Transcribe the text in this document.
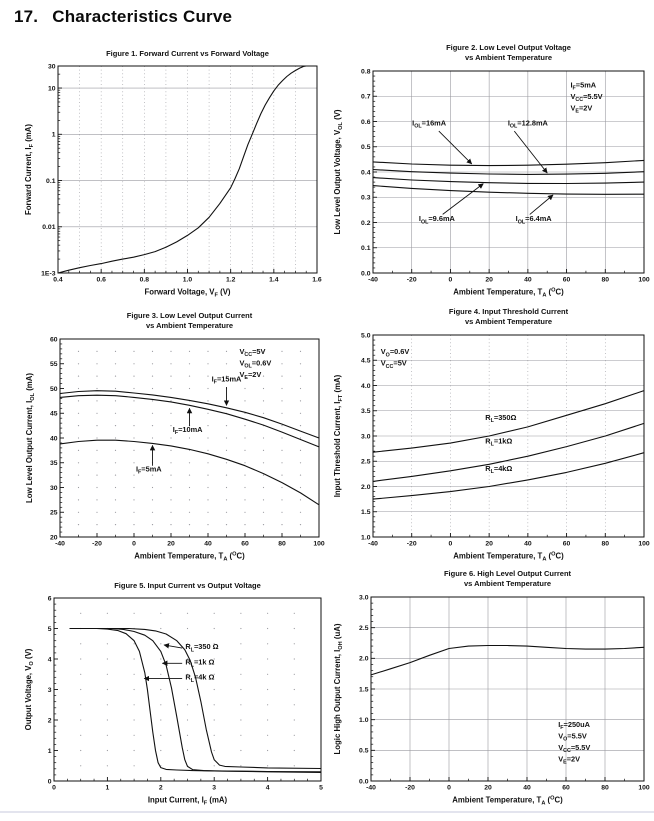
17. Characteristics Curve
0.4	0.6	0.8	1.0	1.2	1.4	1.6
30
10
1
0.1
0.01
1E-3
Figure 1. Forward Current vs Forward Voltage
Forward Voltage, $V_F$ (V)
Forward Current, $I_F$ (mA)
-40	-20	0	20	40	60	80	100
0.0
0.1
0.2
0.3
0.4
0.5
0.6
0.7
0.8
$I_{OL}=16mA$	$I_{OL}=12.8mA$
$I_{OL}=9.6mA$	$I_{OL}=6.4mA$
$I_F=5mA$
$V_{CC}=5.5V$
$V_E=2V$
Figure 2. Low Level Output Voltage
vs Ambient Temperature
Ambient Temperature, $T_A$ ($^O$C)
Low Level Output Voltage, $V_{OL}$ (V)
-40	-20	0	20	40	60	80	100
20
25
30
35
40
45
50
55
60
$I_F=15mA$
$I_F=10mA$
$I_F=5mA$
$V_{CC}=5V$
$V_{OL}=0.6V$
$V_E=2V$
Figure 3. Low Level Output Current
vs Ambient Temperature
Ambient Temperature, $T_A$ ($^O$C)
Low Level Output Current, $I_{OL}$ (mA)
-40	-20	0	20	40	60	80	100
1.0
1.5
2.0
2.5
3.0
3.5
4.0
4.5
5.0
$R_L=350\Omega$
$R_L=1k\Omega$
$R_L=4k\Omega$
$V_O=0.6V$
$V_{CC}=5V$
Figure 4. Input Threshold Current
vs Ambient Temperature
Ambient Temperature, $T_A$ ($^O$C)
Input Threshold Current, $I_{FT}$ (mA)
0	1	2	3	4	5
0
1
2
3
4
5
6
$R_L=350$ Ω
$R_L=1k$ Ω
$R_L=4k$ Ω
Figure 5. Input Current vs Output Voltage
Input Current, $I_F$ (mA)
Output Voltage, $V_O$ (V)
-40	-20	0	20	40	60	80	100
0.0
0.5
1.0
1.5
2.0
2.5
3.0
$I_F=250uA$
$V_O=5.5V$
$V_{CC}=5.5V$
$V_E=2V$
Figure 6. High Level Output Current
vs Ambient Temperature
Ambient Temperature, $T_A$ ($^O$C)
Logic High Output Current, $I_{OH}$ (uA)
